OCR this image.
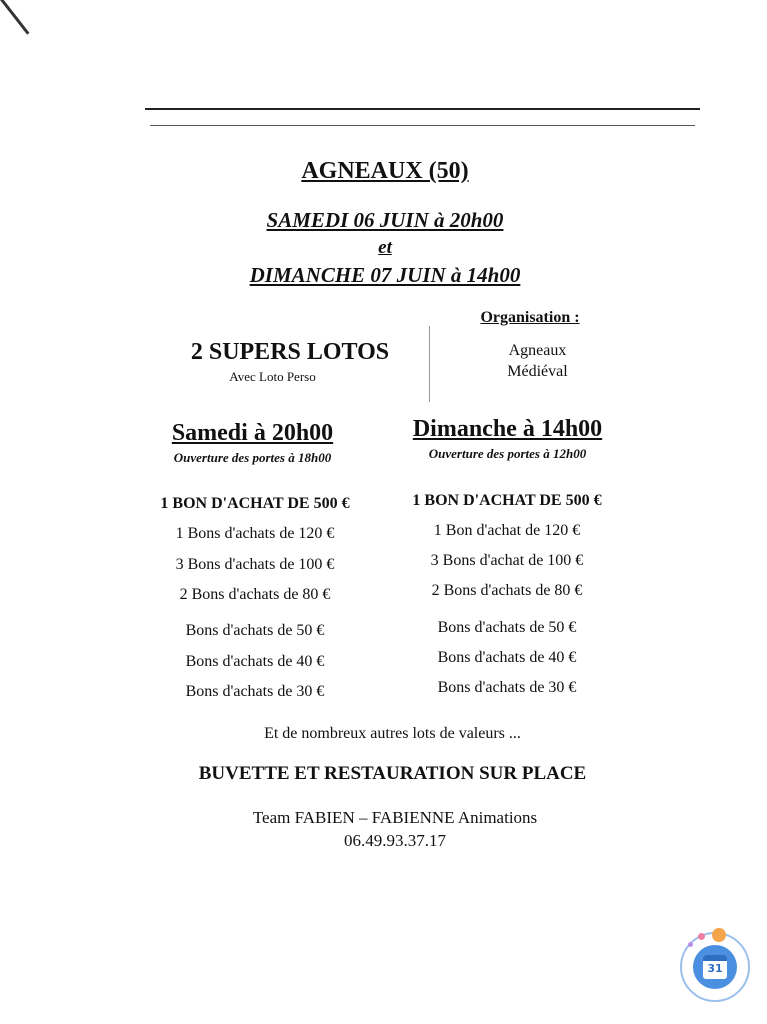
AGNEAUX (50)
SAMEDI 06 JUIN à 20h00
et
DIMANCHE 07 JUIN à 14h00
2 SUPERS LOTOS
Avec Loto Perso
Organisation :
Agneaux
Médiéval
Samedi à 20h00
Ouverture des portes à 18h00
1 BON D'ACHAT DE 500 €
1 Bons d'achats de 120 €
3 Bons d'achats de 100 €
2 Bons d'achats de 80 €
Bons d'achats de 50 €
Bons d'achats de 40 €
Bons d'achats de 30 €
Dimanche à 14h00
Ouverture des portes à 12h00
1 BON D'ACHAT DE 500 €
1 Bon d'achat de 120 €
3 Bons d'achat de 100 €
2 Bons d'achats de 80 €
Bons d'achats de 50 €
Bons d'achats de 40 €
Bons d'achats de 30 €
Et de nombreux autres lots de valeurs ...
BUVETTE ET RESTAURATION SUR PLACE
Team FABIEN – FABIENNE Animations
06.49.93.37.17
31
